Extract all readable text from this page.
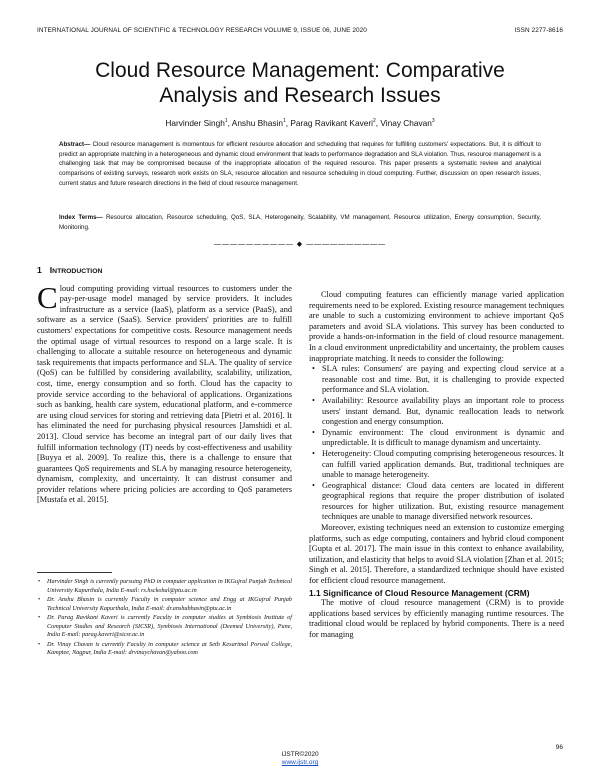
INTERNATIONAL JOURNAL OF SCIENTIFIC & TECHNOLOGY RESEARCH VOLUME 9, ISSUE 06, JUNE 2020	ISSN 2277-8616
Cloud Resource Management: Comparative
Analysis and Research Issues
Harvinder Singh$^1$, Anshu Bhasin$^1$, Parag Ravikant Kaveri$^2$, Vinay Chavan$^3$
Abstract— Cloud resource management is momentous for efficient resource allocation and scheduling that requires for fulfilling customers' expectations. But, it is difficult to predict an appropriate matching in a heterogeneous and dynamic cloud environment that leads to performance degradation and SLA violation. Thus, resource management is a challenging task that may be compromised because of the inappropriate allocation of the required resource. This paper presents a systematic review and analytical comparisons of existing surveys, research work exists on SLA, resource allocation and resource scheduling in cloud computing. Further, discussion on open research issues, current status and future research directions in the field of cloud resource management.
Index Terms— Resource allocation, Resource scheduling, QoS, SLA, Heterogeneity, Scalability, VM management, Resource utilization, Energy consumption, Security, Monitoring.
—————————— ◆ ——————————
1 INTRODUCTION

Cloud computing providing virtual resources to customers under the pay-per-usage model managed by service providers. It includes infrastructure as a service (IaaS), platform as a service (PaaS), and software as a service (SaaS). Service providers' priorities are to fulfill customers' expectations for competitive costs. Resource management needs the optimal usage of virtual resources to respond on a large scale. It is challenging to allocate a suitable resource on heterogeneous and dynamic task requirements that impacts performance and SLA. The quality of service (QoS) can be fulfilled by considering availability, scalability, utilization, cost, time, energy consumption and so forth. Cloud has the capacity to provide service according to the behavioral of applications. Organizations such as banking, health care system, educational platform, and e-commerce are using cloud services for storing and retrieving data [Pietri et al. 2016]. It has eliminated the need for purchasing physical resources [Jamshidi et al. 2013]. Cloud service has become an integral part of our daily lives that fulfill information technology (IT) needs by cost-effectiveness and usability [Buyya et al. 2009]. To realize this, there is a challenge to ensure that guarantees QoS requirements and SLA by managing resource heterogeneity, dynamism, complexity, and uncertainty. It can distrust consumer and provider relations where pricing policies are according to QoS parameters [Mustafa et al. 2015].

Cloud computing features can efficiently manage varied application requirements need to be explored. Existing resource management techniques are unable to such a customizing environment to achieve important QoS parameters and avoid SLA violations. This survey has been conducted to provide a hands-on-information in the field of cloud resource management. In a cloud environment unpredictability and uncertainty, the problem causes inappropriate matching. It needs to consider the following:

• SLA rules: Consumers' are paying and expecting cloud service at a reasonable cost and time. But, it is challenging to provide expected performance and SLA violation.
• Availability: Resource availability plays an important role to process users' instant demand. But, dynamic reallocation leads to network congestion and energy consumption.
• Dynamic environment: The cloud environment is dynamic and unpredictable. It is difficult to manage dynamism and uncertainty.
• Heterogeneity: Cloud computing comprising heterogeneous resources. It can fulfill varied application demands. But, traditional techniques are unable to manage heterogeneity.
• Geographical distance: Cloud data centers are located in different geographical regions that require the proper distribution of isolated resources for higher utilization. But, existing resource management techniques are unable to manage diversified network resources.

Moreover, existing techniques need an extension to customize emerging platforms, such as edge computing, containers and hybrid cloud component [Gupta et al. 2017]. The main issue in this context to enhance availability, utilization, and elasticity that helps to avoid SLA violation [Zhan et al. 2015; Singh et al. 2015]. Therefore, a standardized technique should have existed for efficient cloud resource management.

1.1 Significance of Cloud Resource Management (CRM)

The motive of cloud resource management (CRM) is to provide applications based services by efficiently managing runtime resources. The traditional cloud would be replaced by hybrid components. There is a need for managing

• Harvinder Singh is currently pursuing PhD in computer application in IKGujral Punjab Technical University Kapurthala, India E-mail: rs.hsckohal@ptu.ac.in
• Dr. Anshu Bhasin is currently Faculty in computer science and Engg at IKGujral Punjab Technical University Kapurthala, India E-mail: dr.anshubhasin@ptu.ac.in
• Dr. Parag Ravikant Kaveri is currently Faculty in computer studies at Symbiosis Institute of Computer Studies and Research (SICSR), Symbiosis International (Deemed University), Pune, India E-mail: parag.kaveri@sicsr.ac.in
• Dr. Vinay Chavan is currently Faculty in computer science at Seth Kesarimal Porwal College, Kamptee, Nagpur, India E-mail: drvinaychavan@yahoo.com
96
IJSTR©2020
www.ijstr.org
